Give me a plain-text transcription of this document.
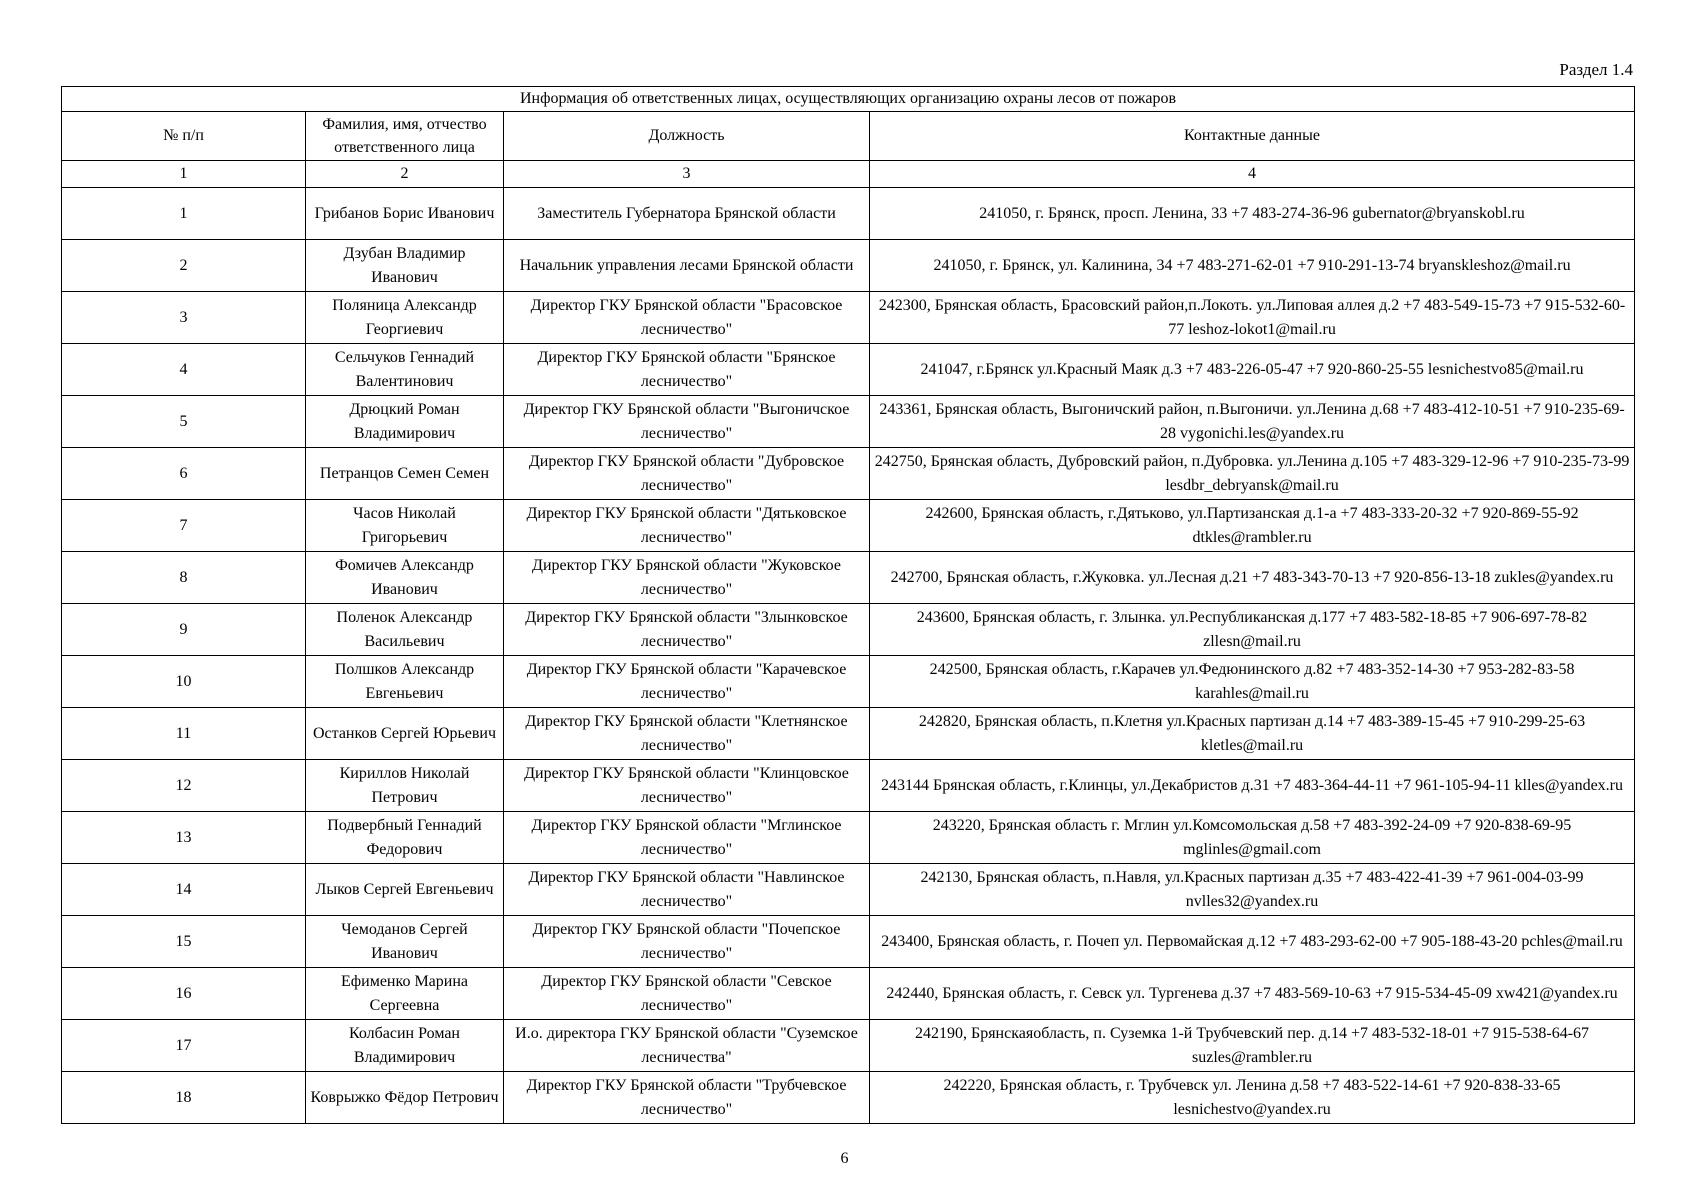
Раздел 1.4
Информация об ответственных лицах, осуществляющих организацию охраны лесов от пожаров			
№ п/п	Фамилия, имя, отчество ответственного лица	Должность	Контактные данные
1	2	3	4
1	Грибанов Борис Иванович	Заместитель Губернатора Брянской области	241050, г. Брянск, просп. Ленина, 33 +7 483-274-36-96 gubernator@bryanskobl.ru
2	Дзубан Владимир Иванович	Начальник управления лесами Брянской области	241050, г. Брянск, ул. Калинина, 34 +7 483-271-62-01 +7 910-291-13-74 bryanskleshoz@mail.ru
3	Поляница Александр Георгиевич	Директор ГКУ Брянской области "Брасовское лесничество"	242300, Брянская область, Брасовский район,п.Локоть. ул.Липовая аллея д.2 +7 483-549-15-73 +7 915-532-60-77 leshoz-lokot1@mail.ru
4	Сельчуков Геннадий Валентинович	Директор ГКУ Брянской области "Брянское лесничество"	241047, г.Брянск ул.Красный Маяк д.3 +7 483-226-05-47 +7 920-860-25-55 lesnichestvo85@mail.ru
5	Дрюцкий Роман Владимирович	Директор ГКУ Брянской области "Выгоничское лесничество"	243361, Брянская область, Выгоничский район, п.Выгоничи. ул.Ленина д.68 +7 483-412-10-51 +7 910-235-69-28 vygonichi.les@yandex.ru
6	Петранцов Семен Семен	Директор ГКУ Брянской области "Дубровское лесничество"	242750, Брянская область, Дубровский район, п.Дубровка. ул.Ленина д.105 +7 483-329-12-96 +7 910-235-73-99 lesdbr_debryansk@mail.ru
7	Часов Николай Григорьевич	Директор ГКУ Брянской области "Дятьковское лесничество"	242600, Брянская область, г.Дятьково, ул.Партизанская д.1-а +7 483-333-20-32 +7 920-869-55-92 dtkles@rambler.ru
8	Фомичев Александр Иванович	Директор ГКУ Брянской области "Жуковское лесничество"	242700, Брянская область, г.Жуковка. ул.Лесная д.21 +7 483-343-70-13 +7 920-856-13-18 zukles@yandex.ru
9	Поленок Александр Васильевич	Директор ГКУ Брянской области "Злынковское лесничество"	243600, Брянская область, г. Злынка. ул.Республиканская д.177 +7 483-582-18-85 +7 906-697-78-82 zllesn@mail.ru
10	Полшков Александр Евгеньевич	Директор ГКУ Брянской области "Карачевское лесничество"	242500, Брянская область, г.Карачев ул.Федюнинского д.82 +7 483-352-14-30 +7 953-282-83-58 karahles@mail.ru
11	Останков Сергей Юрьевич	Директор ГКУ Брянской области "Клетнянское лесничество"	242820, Брянская область, п.Клетня ул.Красных партизан д.14 +7 483-389-15-45 +7 910-299-25-63 kletles@mail.ru
12	Кириллов Николай Петрович	Директор ГКУ Брянской области "Клинцовское лесничество"	243144 Брянская область, г.Клинцы, ул.Декабристов д.31 +7 483-364-44-11 +7 961-105-94-11 klles@yandex.ru
13	Подвербный Геннадий Федорович	Директор ГКУ Брянской области "Мглинское лесничество"	243220, Брянская область г. Мглин ул.Комсомольская д.58 +7 483-392-24-09 +7 920-838-69-95 mglinles@gmail.com
14	Лыков Сергей Евгеньевич	Директор ГКУ Брянской области "Навлинское лесничество"	242130, Брянская область, п.Навля, ул.Красных партизан д.35 +7 483-422-41-39 +7 961-004-03-99 nvlles32@yandex.ru
15	Чемоданов Сергей Иванович	Директор ГКУ Брянской области "Почепское лесничество"	243400, Брянская область, г. Почеп ул. Первомайская д.12 +7 483-293-62-00 +7 905-188-43-20 pchles@mail.ru
16	Ефименко Марина Сергеевна	Директор ГКУ Брянской области "Севское лесничество"	242440, Брянская область, г. Севск ул. Тургенева д.37 +7 483-569-10-63 +7 915-534-45-09 xw421@yandex.ru
17	Колбасин Роман Владимирович	И.о. директора ГКУ Брянской области "Суземское лесничества"	242190, Брянскаяобласть, п. Суземка 1-й Трубчевский пер. д.14 +7 483-532-18-01 +7 915-538-64-67 suzles@rambler.ru
18	Коврыжко Фёдор Петрович	Директор ГКУ Брянской области "Трубчевское лесничество"	242220, Брянская область, г. Трубчевск ул. Ленина д.58 +7 483-522-14-61 +7 920-838-33-65 lesnichestvo@yandex.ru
6
